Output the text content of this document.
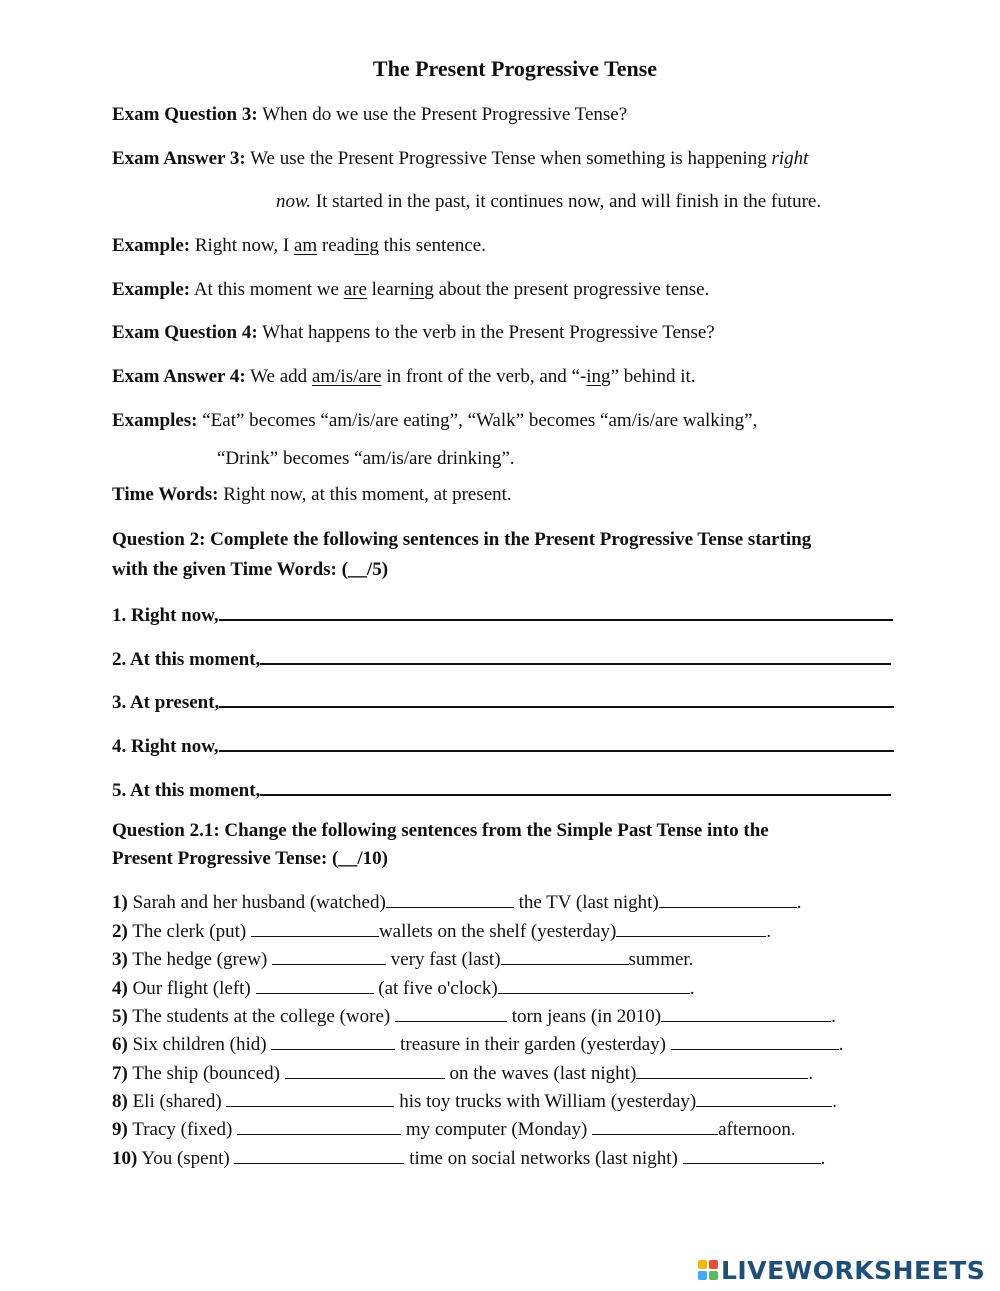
The Present Progressive Tense
Exam Question 3: When do we use the Present Progressive Tense?
Exam Answer 3: We use the Present Progressive Tense when something is happening right
now. It started in the past, it continues now, and will finish in the future.
Example: Right now, I am reading this sentence.
Example: At this moment we are learning about the present progressive tense.
Exam Question 4: What happens to the verb in the Present Progressive Tense?
Exam Answer 4: We add am/is/are in front of the verb, and “-ing” behind it.
Examples: “Eat” becomes “am/is/are eating”, “Walk” becomes “am/is/are walking”,
“Drink” becomes “am/is/are drinking”.
Time Words: Right now, at this moment, at present.
Question 2: Complete the following sentences in the Present Progressive Tense starting
with the given Time Words: (__/5)
1. Right now,
2. At this moment,
3. At present,
4. Right now,
5. At this moment,
Question 2.1: Change the following sentences from the Simple Past Tense into the
Present Progressive Tense: (__/10)
1) Sarah and her husband (watched)	the TV (last night)	.
2) The clerk (put)	wallets on the shelf (yesterday)	.
3) The hedge (grew)	very fast (last)	summer.
4) Our flight (left)	(at five o'clock)	.
5) The students at the college (wore)	torn jeans (in 2010)	.
6) Six children (hid)	treasure in their garden (yesterday)	.
7) The ship (bounced)	on the waves (last night)	.
8) Eli (shared)	his toy trucks with William (yesterday)	.
9) Tracy (fixed)	my computer (Monday)	afternoon.
10) You (spent)	time on social networks (last night)	.
LIVEWORKSHEETS
